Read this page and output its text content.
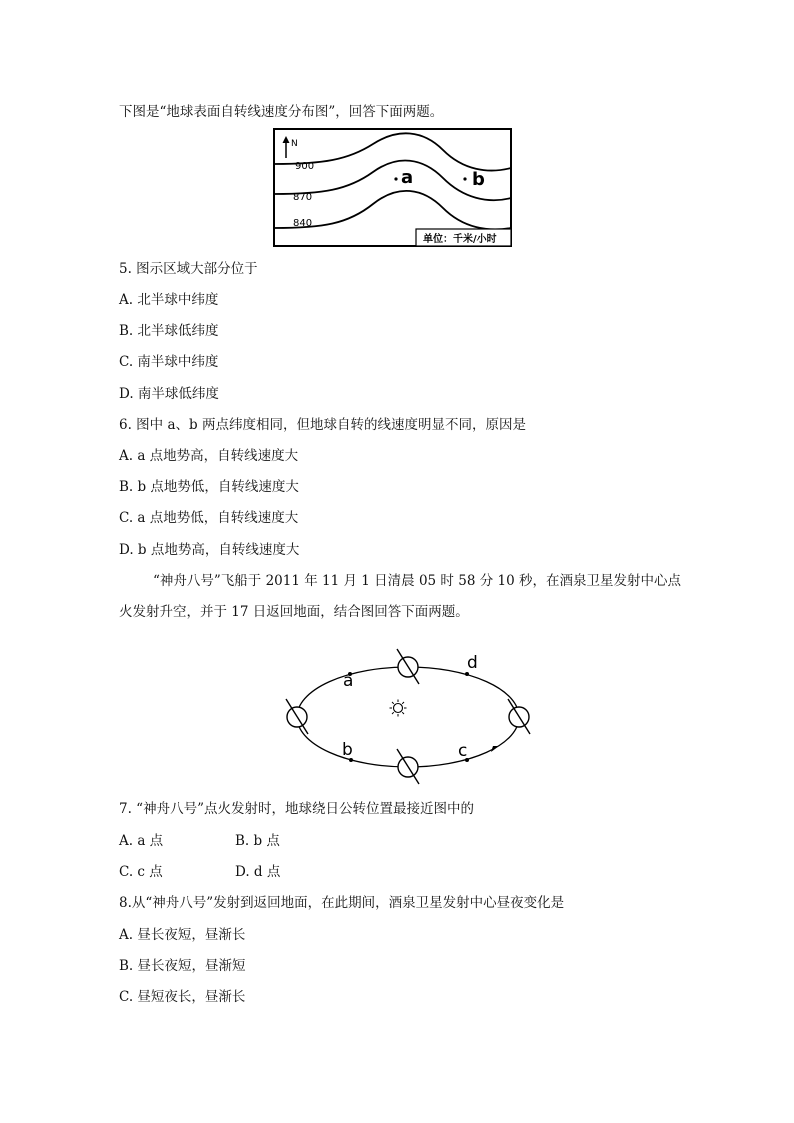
下图是“地球表面自转线速度分布图”，回答下面两题。
N
900
870
840
a	b
单位：千米/小时
5. 图示区域大部分位于
A. 北半球中纬度
B. 北半球低纬度
C. 南半球中纬度
D. 南半球低纬度
6. 图中 a、b 两点纬度相同，但地球自转的线速度明显不同，原因是
A. a 点地势高，自转线速度大
B. b 点地势低，自转线速度大
C. a 点地势低，自转线速度大
D. b 点地势高，自转线速度大
“神舟八号”飞船于 2011 年 11 月 1 日清晨 05 时 58 分 10 秒，在酒泉卫星发射中心点
火发射升空，并于 17 日返回地面，结合图回答下面两题。
a
b	c
d
7. “神舟八号”点火发射时，地球绕日公转位置最接近图中的
A. a 点	B. b 点
C. c 点	D. d 点
8.从“神舟八号”发射到返回地面，在此期间，酒泉卫星发射中心昼夜变化是
A. 昼长夜短，昼渐长
B. 昼长夜短，昼渐短
C. 昼短夜长，昼渐长
